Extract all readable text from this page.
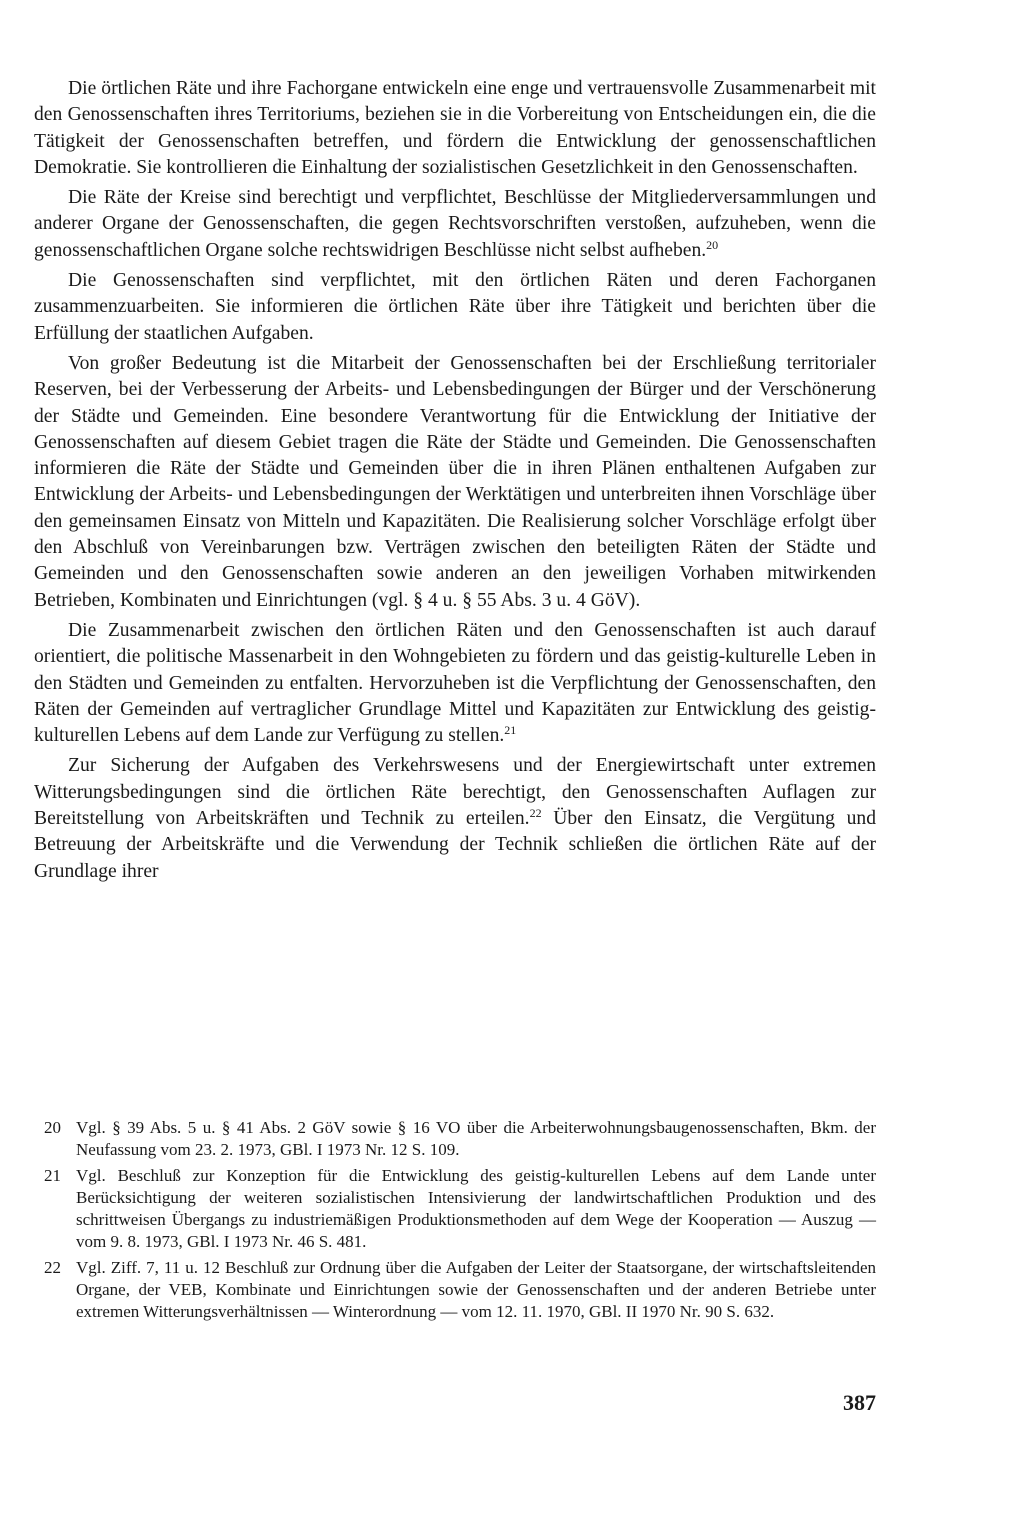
Die örtlichen Räte und ihre Fachorgane entwickeln eine enge und vertrauensvolle Zusammenarbeit mit den Genossenschaften ihres Territoriums, beziehen sie in die Vorbereitung von Entscheidungen ein, die die Tätigkeit der Genossenschaften betreffen, und fördern die Entwicklung der genossenschaftlichen Demokratie. Sie kontrollieren die Einhaltung der sozialistischen Gesetzlichkeit in den Genossenschaften.

Die Räte der Kreise sind berechtigt und verpflichtet, Beschlüsse der Mitgliederversammlungen und anderer Organe der Genossenschaften, die gegen Rechtsvorschriften verstoßen, aufzuheben, wenn die genossenschaftlichen Organe solche rechtswidrigen Beschlüsse nicht selbst aufheben.$^{20}$

Die Genossenschaften sind verpflichtet, mit den örtlichen Räten und deren Fachorganen zusammenzuarbeiten. Sie informieren die örtlichen Räte über ihre Tätigkeit und berichten über die Erfüllung der staatlichen Aufgaben.

Von großer Bedeutung ist die Mitarbeit der Genossenschaften bei der Erschließung territorialer Reserven, bei der Verbesserung der Arbeits- und Lebensbedingungen der Bürger und der Verschönerung der Städte und Gemeinden. Eine besondere Verantwortung für die Entwicklung der Initiative der Genossenschaften auf diesem Gebiet tragen die Räte der Städte und Gemeinden. Die Genossenschaften informieren die Räte der Städte und Gemeinden über die in ihren Plänen enthaltenen Aufgaben zur Entwicklung der Arbeits- und Lebensbedingungen der Werktätigen und unterbreiten ihnen Vorschläge über den gemeinsamen Einsatz von Mitteln und Kapazitäten. Die Realisierung solcher Vorschläge erfolgt über den Abschluß von Vereinbarungen bzw. Verträgen zwischen den beteiligten Räten der Städte und Gemeinden und den Genossenschaften sowie anderen an den jeweiligen Vorhaben mitwirkenden Betrieben, Kombinaten und Einrichtungen (vgl. § 4 u. § 55 Abs. 3 u. 4 GöV).

Die Zusammenarbeit zwischen den örtlichen Räten und den Genossenschaften ist auch darauf orientiert, die politische Massenarbeit in den Wohngebieten zu fördern und das geistig-kulturelle Leben in den Städten und Gemeinden zu entfalten. Hervorzuheben ist die Verpflichtung der Genossenschaften, den Räten der Gemeinden auf vertraglicher Grundlage Mittel und Kapazitäten zur Entwicklung des geistig-kulturellen Lebens auf dem Lande zur Verfügung zu stellen.$^{21}$

Zur Sicherung der Aufgaben des Verkehrswesens und der Energiewirtschaft unter extremen Witterungsbedingungen sind die örtlichen Räte berechtigt, den Genossenschaften Auflagen zur Bereitstellung von Arbeitskräften und Technik zu erteilen.$^{22}$ Über den Einsatz, die Vergütung und Betreuung der Arbeitskräfte und die Verwendung der Technik schließen die örtlichen Räte auf der Grundlage ihrer

20 Vgl. § 39 Abs. 5 u. § 41 Abs. 2 GöV sowie § 16 VO über die Arbeiterwohnungsbaugenossenschaften, Bkm. der Neufassung vom 23. 2. 1973, GBl. I 1973 Nr. 12 S. 109.
21 Vgl. Beschluß zur Konzeption für die Entwicklung des geistig-kulturellen Lebens auf dem Lande unter Berücksichtigung der weiteren sozialistischen Intensivierung der landwirtschaftlichen Produktion und des schrittweisen Übergangs zu industriemäßigen Produktionsmethoden auf dem Wege der Kooperation — Auszug — vom 9. 8. 1973, GBl. I 1973 Nr. 46 S. 481.
22 Vgl. Ziff. 7, 11 u. 12 Beschluß zur Ordnung über die Aufgaben der Leiter der Staatsorgane, der wirtschaftsleitenden Organe, der VEB, Kombinate und Einrichtungen sowie der Genossenschaften und der anderen Betriebe unter extremen Witterungsverhältnissen — Winterordnung — vom 12. 11. 1970, GBl. II 1970 Nr. 90 S. 632.
387
